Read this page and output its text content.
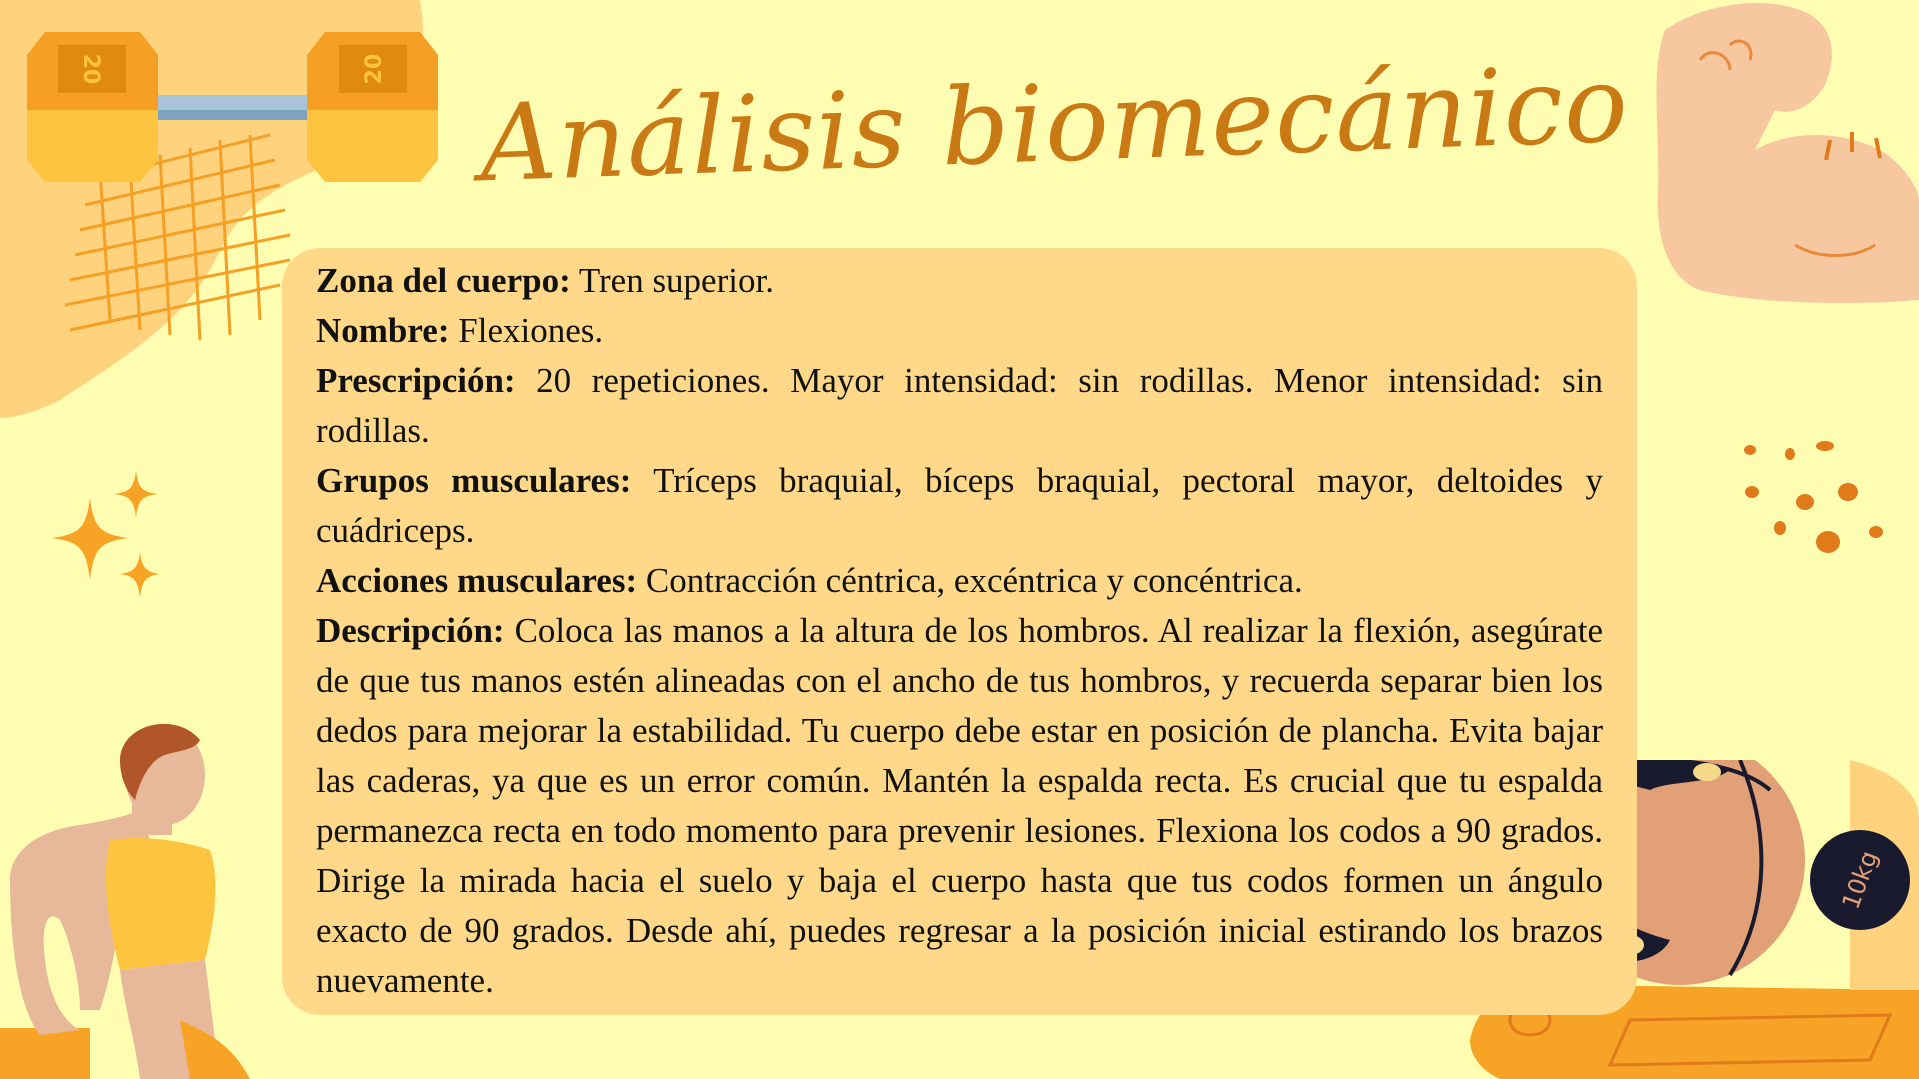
20	20
10kg
Análisis biomecánico

Zona del cuerpo: Tren superior.

Nombre: Flexiones.

Prescripción: 20 repeticiones. Mayor intensidad: sin rodillas. Menor intensidad: sin rodillas.

Grupos musculares: Tríceps braquial, bíceps braquial, pectoral mayor, deltoides y cuádriceps.

Acciones musculares: Contracción céntrica, excéntrica y concéntrica.

Descripción: Coloca las manos a la altura de los hombros. Al realizar la flexión, asegúrate de que tus manos estén alineadas con el ancho de tus hombros, y recuerda separar bien los dedos para mejorar la estabilidad. Tu cuerpo debe estar en posición de plancha. Evita bajar las caderas, ya que es un error común. Mantén la espalda recta. Es crucial que tu espalda permanezca recta en todo momento para prevenir lesiones. Flexiona los codos a 90 grados. Dirige la mirada hacia el suelo y baja el cuerpo hasta que tus codos formen un ángulo exacto de 90 grados. Desde ahí, puedes regresar a la posición inicial estirando los brazos nuevamente.
